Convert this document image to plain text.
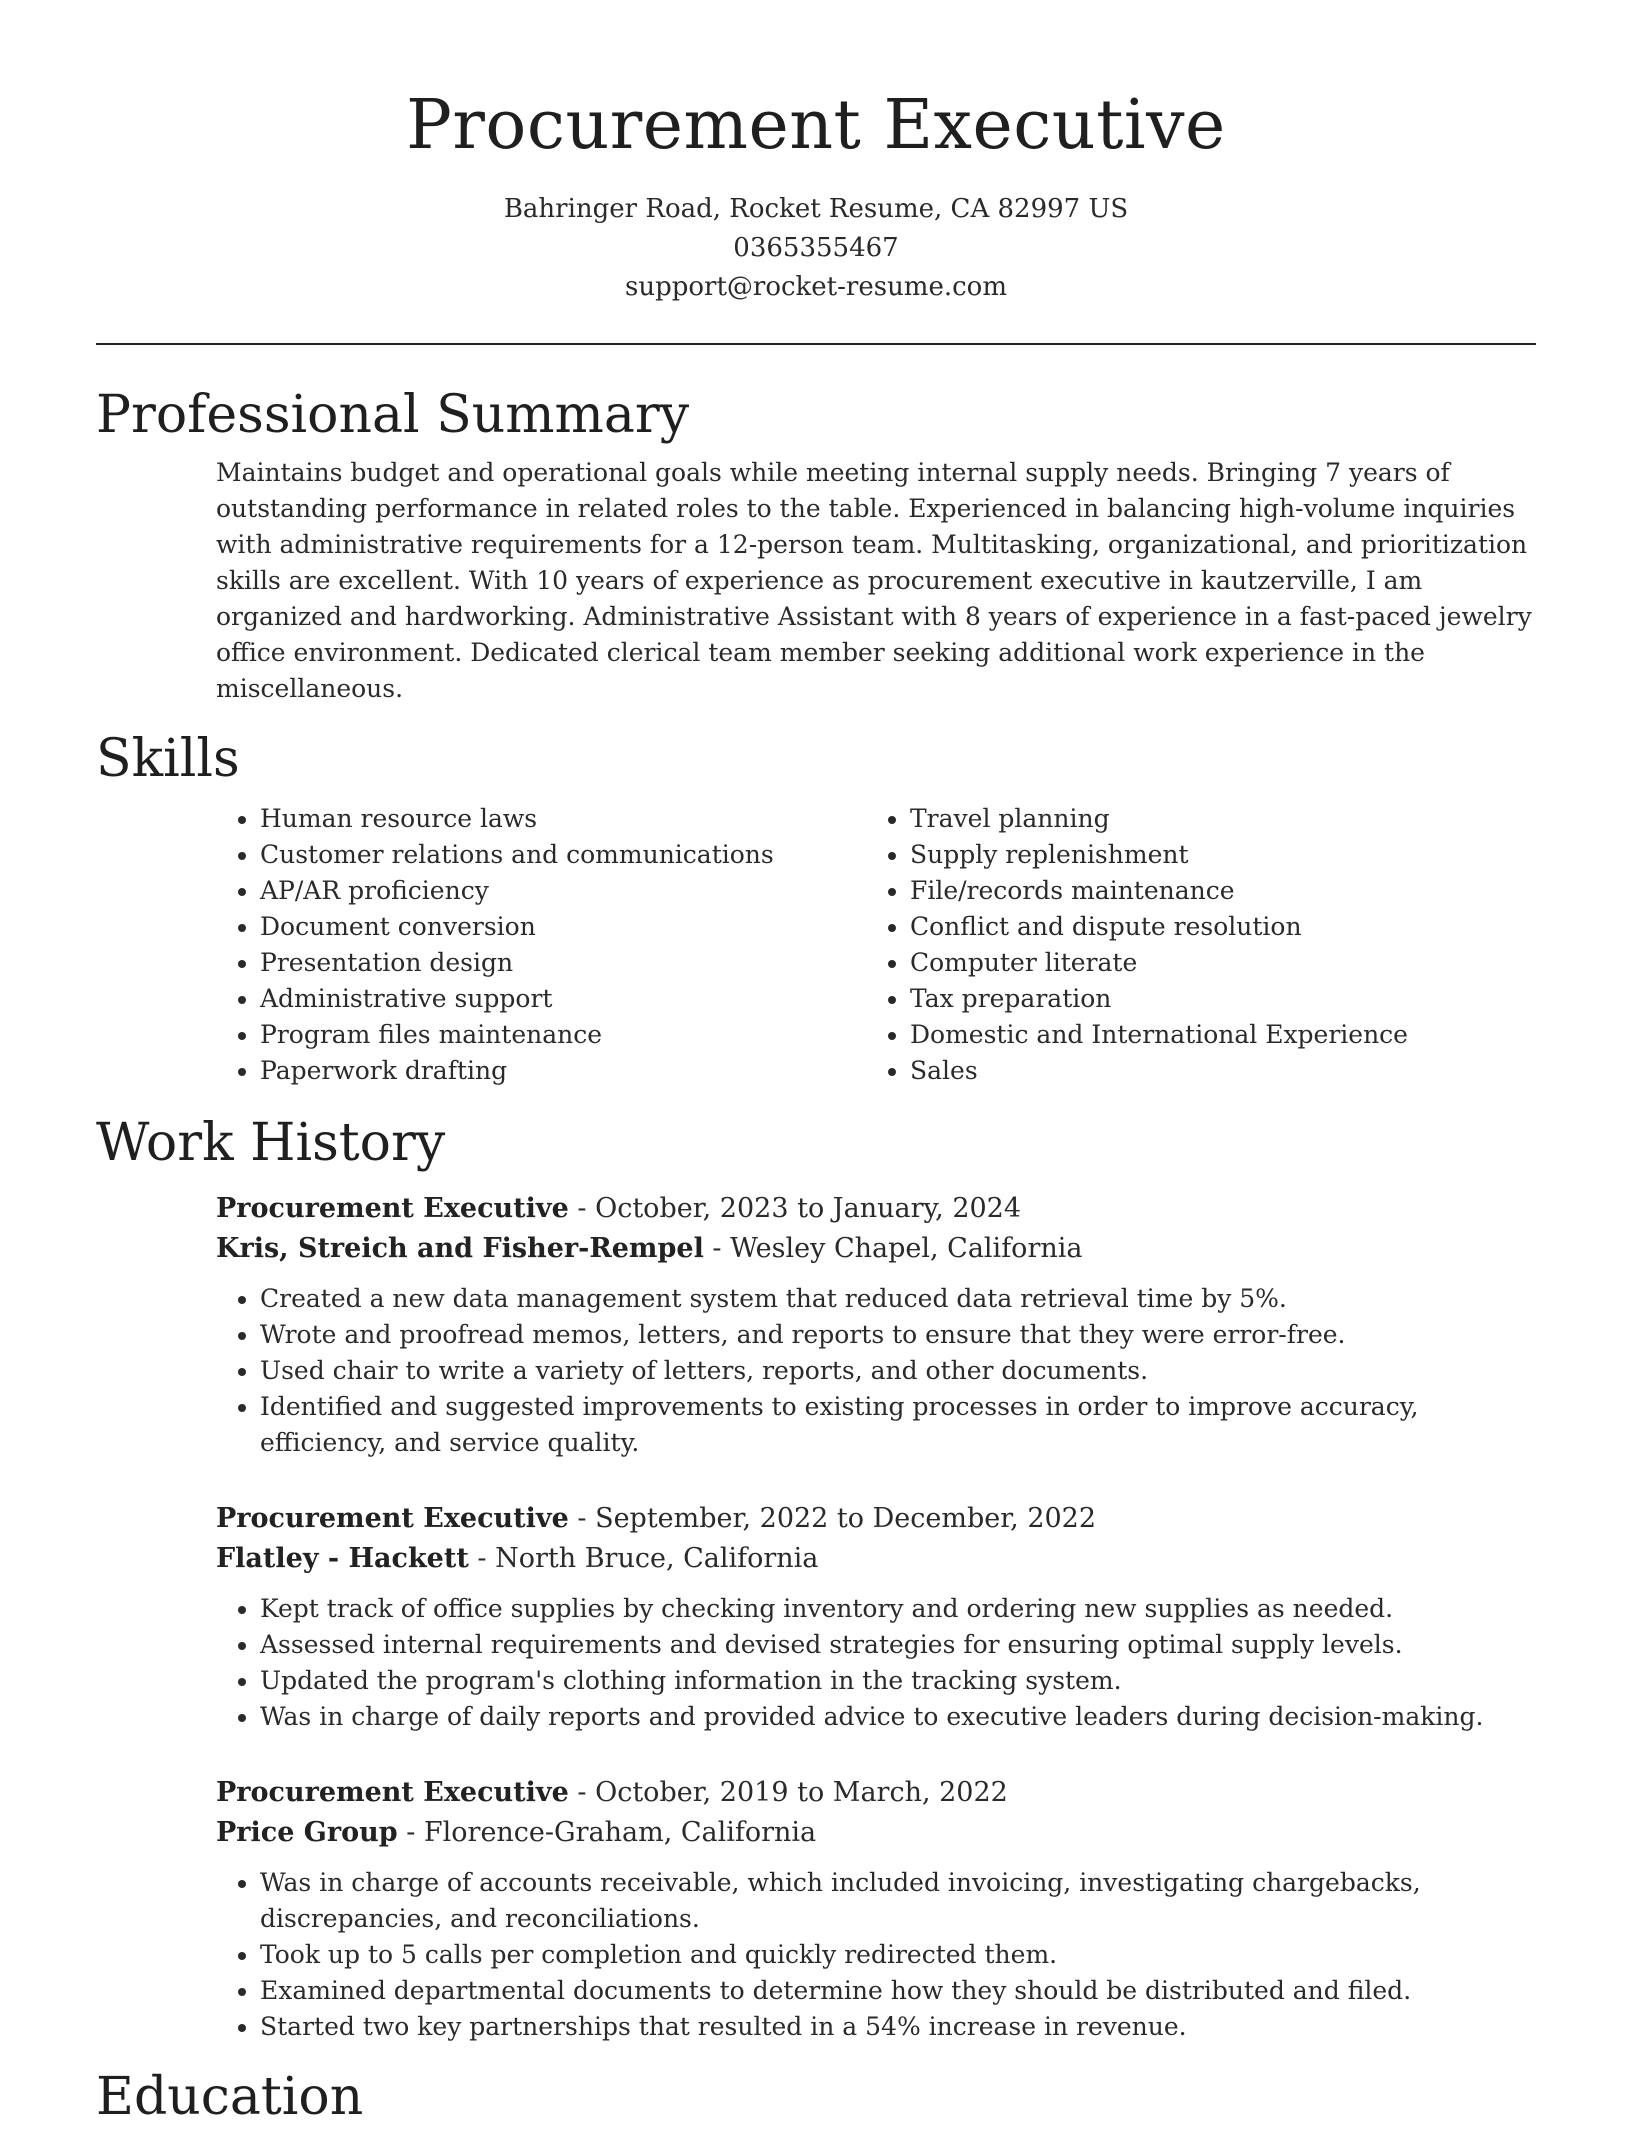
Procurement Executive
Bahringer Road, Rocket Resume, CA 82997 US
0365355467
support@rocket-resume.com
Professional Summary

Maintains budget and operational goals while meeting internal supply needs. Bringing 7 years of outstanding performance in related roles to the table. Experienced in balancing high-volume inquiries with administrative requirements for a 12-person team. Multitasking, organizational, and prioritization skills are excellent. With 10 years of experience as procurement executive in kautzerville, I am organized and hardworking. Administrative Assistant with 8 years of experience in a fast-paced jewelry office environment. Dedicated clerical team member seeking additional work experience in the miscellaneous.

Skills
• Human resource laws
• Customer relations and communications
• AP/AR proficiency
• Document conversion
• Presentation design
• Administrative support
• Program files maintenance
• Paperwork drafting
• Travel planning
• Supply replenishment
• File/records maintenance
• Conflict and dispute resolution
• Computer literate
• Tax preparation
• Domestic and International Experience
• Sales
Work History
Procurement Executive - October, 2023 to January, 2024
Kris, Streich and Fisher-Rempel - Wesley Chapel, California
• Created a new data management system that reduced data retrieval time by 5%.
• Wrote and proofread memos, letters, and reports to ensure that they were error-free.
• Used chair to write a variety of letters, reports, and other documents.
• Identified and suggested improvements to existing processes in order to improve accuracy, efficiency, and service quality.
Procurement Executive - September, 2022 to December, 2022
Flatley - Hackett - North Bruce, California
• Kept track of office supplies by checking inventory and ordering new supplies as needed.
• Assessed internal requirements and devised strategies for ensuring optimal supply levels.
• Updated the program's clothing information in the tracking system.
• Was in charge of daily reports and provided advice to executive leaders during decision-making.
Procurement Executive - October, 2019 to March, 2022
Price Group - Florence-Graham, California
• Was in charge of accounts receivable, which included invoicing, investigating chargebacks, discrepancies, and reconciliations.
• Took up to 5 calls per completion and quickly redirected them.
• Examined departmental documents to determine how they should be distributed and filed.
• Started two key partnerships that resulted in a 54% increase in revenue.
Education
